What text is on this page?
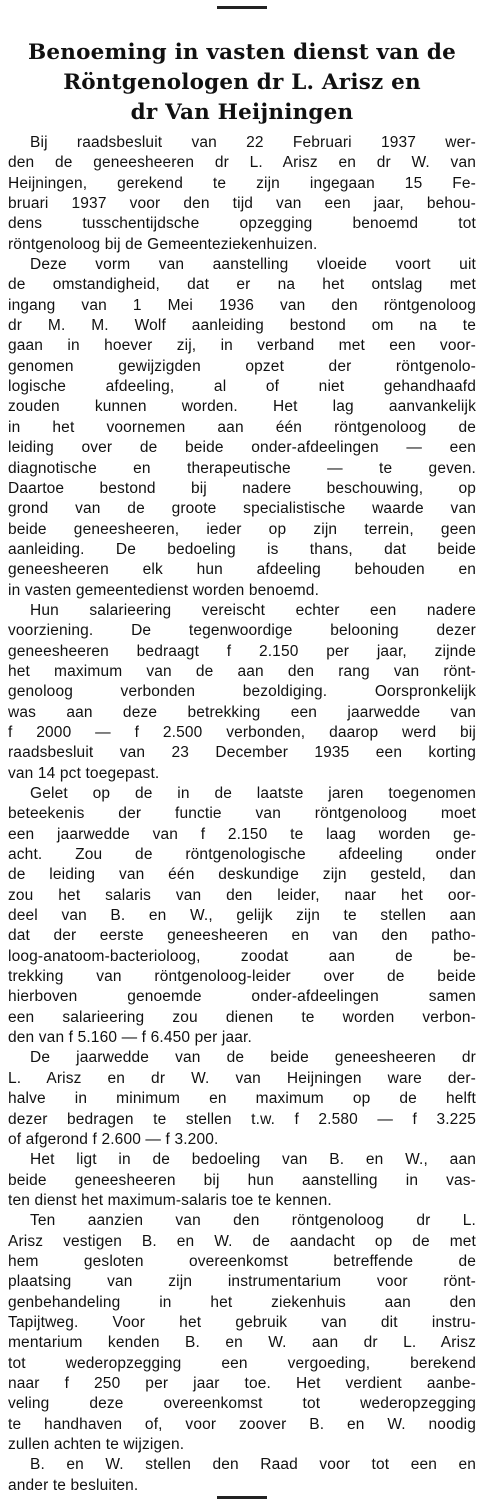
Benoeming in vasten dienst van de
Röntgenologen dr L. Arisz en
dr Van Heijningen
Bij raadsbesluit van 22 Februari 1937 wer-
den de geneesheeren dr L. Arisz en dr W. van
Heijningen, gerekend te zijn ingegaan 15 Fe-
bruari 1937 voor den tijd van een jaar, behou-
dens tusschentijdsche opzegging benoemd tot
röntgenoloog bij de Gemeenteziekenhuizen.
Deze vorm van aanstelling vloeide voort uit
de omstandigheid, dat er na het ontslag met
ingang van 1 Mei 1936 van den röntgenoloog
dr M. M. Wolf aanleiding bestond om na te
gaan in hoever zij, in verband met een voor-
genomen gewijzigden opzet der röntgenolo-
logische afdeeling, al of niet gehandhaafd
zouden kunnen worden. Het lag aanvankelijk
in het voornemen aan één röntgenoloog de
leiding over de beide onder-afdeelingen — een
diagnotische en therapeutische — te geven.
Daartoe bestond bij nadere beschouwing, op
grond van de groote specialistische waarde van
beide geneesheeren, ieder op zijn terrein, geen
aanleiding. De bedoeling is thans, dat beide
geneesheeren elk hun afdeeling behouden en
in vasten gemeentedienst worden benoemd.
Hun salarieering vereischt echter een nadere
voorziening. De tegenwoordige belooning dezer
geneesheeren bedraagt f 2.150 per jaar, zijnde
het maximum van de aan den rang van rönt-
genoloog verbonden bezoldiging. Oorspronkelijk
was aan deze betrekking een jaarwedde van
f 2000 — f 2.500 verbonden, daarop werd bij
raadsbesluit van 23 December 1935 een korting
van 14 pct toegepast.
Gelet op de in de laatste jaren toegenomen
beteekenis der functie van röntgenoloog moet
een jaarwedde van f 2.150 te laag worden ge-
acht. Zou de röntgenologische afdeeling onder
de leiding van één deskundige zijn gesteld, dan
zou het salaris van den leider, naar het oor-
deel van B. en W., gelijk zijn te stellen aan
dat der eerste geneesheeren en van den patho-
loog-anatoom-bacterioloog, zoodat aan de be-
trekking van röntgenoloog-leider over de beide
hierboven genoemde onder-afdeelingen samen
een salarieering zou dienen te worden verbon-
den van f 5.160 — f 6.450 per jaar.
De jaarwedde van de beide geneesheeren dr
L. Arisz en dr W. van Heijningen ware der-
halve in minimum en maximum op de helft
dezer bedragen te stellen t.w. f 2.580 — f 3.225
of afgerond f 2.600 — f 3.200.
Het ligt in de bedoeling van B. en W., aan
beide geneesheeren bij hun aanstelling in vas-
ten dienst het maximum-salaris toe te kennen.
Ten aanzien van den röntgenoloog dr L.
Arisz vestigen B. en W. de aandacht op de met
hem gesloten overeenkomst betreffende de
plaatsing van zijn instrumentarium voor rönt-
genbehandeling in het ziekenhuis aan den
Tapijtweg. Voor het gebruik van dit instru-
mentarium kenden B. en W. aan dr L. Arisz
tot wederopzegging een vergoeding, berekend
naar f 250 per jaar toe. Het verdient aanbe-
veling deze overeenkomst tot wederopzegging
te handhaven of, voor zoover B. en W. noodig
zullen achten te wijzigen.
B. en W. stellen den Raad voor tot een en
ander te besluiten.
